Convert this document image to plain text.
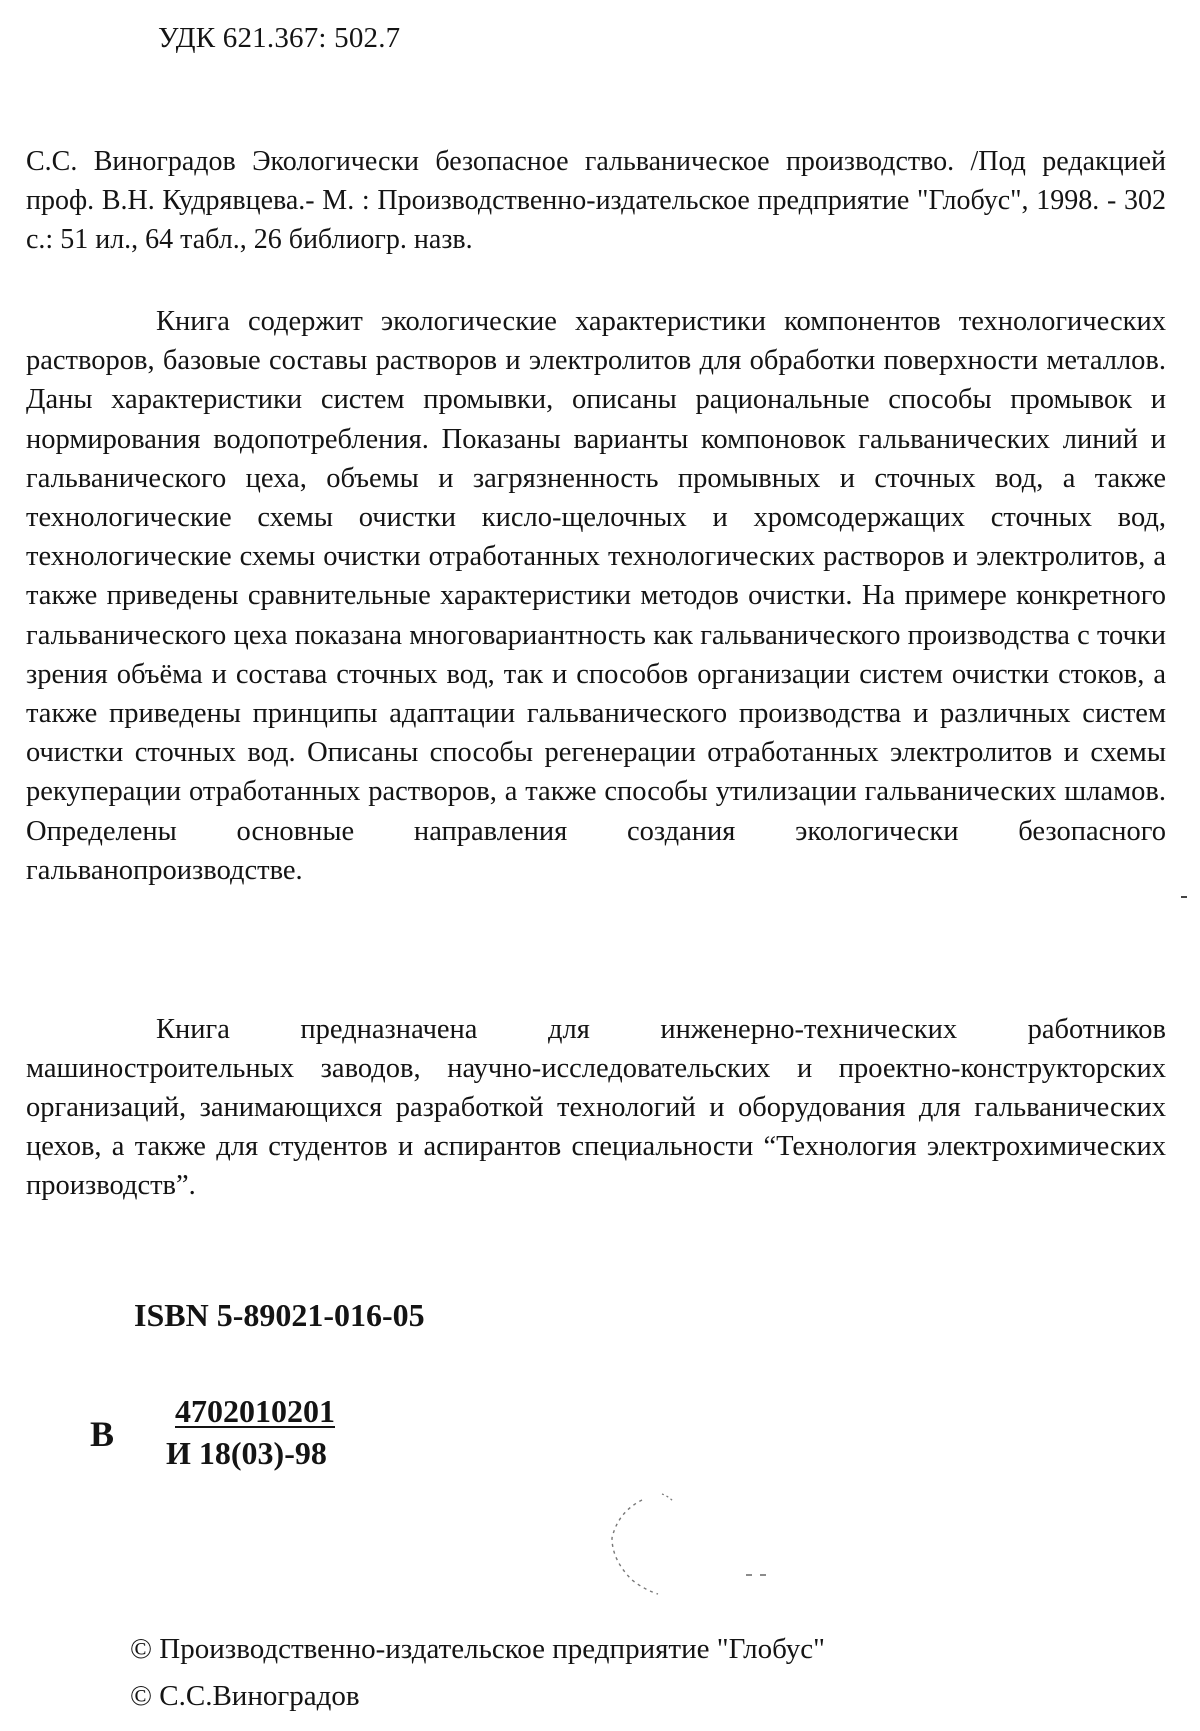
УДК 621.367: 502.7
С.С. Виноградов Экологически безопасное гальваническое производство. /Под редакцией проф. В.Н. Кудрявцева.- М. : Производственно-издательское предприятие "Глобус", 1998. - 302 с.: 51 ил., 64 табл., 26 библиогр. назв.

Книга содержит экологические характеристики компонентов технологических растворов, базовые составы растворов и электролитов для обработки поверхности металлов. Даны характеристики систем промывки, описаны рациональные способы промывок и нормирования водопотребления. Показаны варианты компоновок гальванических линий и гальванического цеха, объемы и загрязненность промывных и сточных вод, а также технологические схемы очистки кисло-щелочных и хромсодержащих сточных вод, технологические схемы очистки отработанных технологических растворов и электролитов, а также приведены сравнительные характеристики методов очистки. На примере конкретного гальванического цеха показана многовариантность как гальванического производства с точки зрения объёма и состава сточных вод, так и способов организации систем очистки стоков, а также приведены принципы адаптации гальванического производства и различных систем очистки сточных вод. Описаны способы регенерации отработанных электролитов и схемы рекуперации отработанных растворов, а также способы утилизации гальванических шламов. Определены основные направления создания экологически безопасного гальванопроизводстве.

Книга предназначена для инженерно-технических работников машиностроительных заводов, научно-исследовательских и проектно-конструкторских организаций, занимающихся разработкой технологий и оборудования для гальванических цехов, а также для студентов и аспирантов специальности “Технология электрохимических производств”.

ISBN 5-89021-016-05
В
4702010201
И 18(03)-98
© Производственно-издательское предприятие "Глобус"
© С.С.Виноградов
